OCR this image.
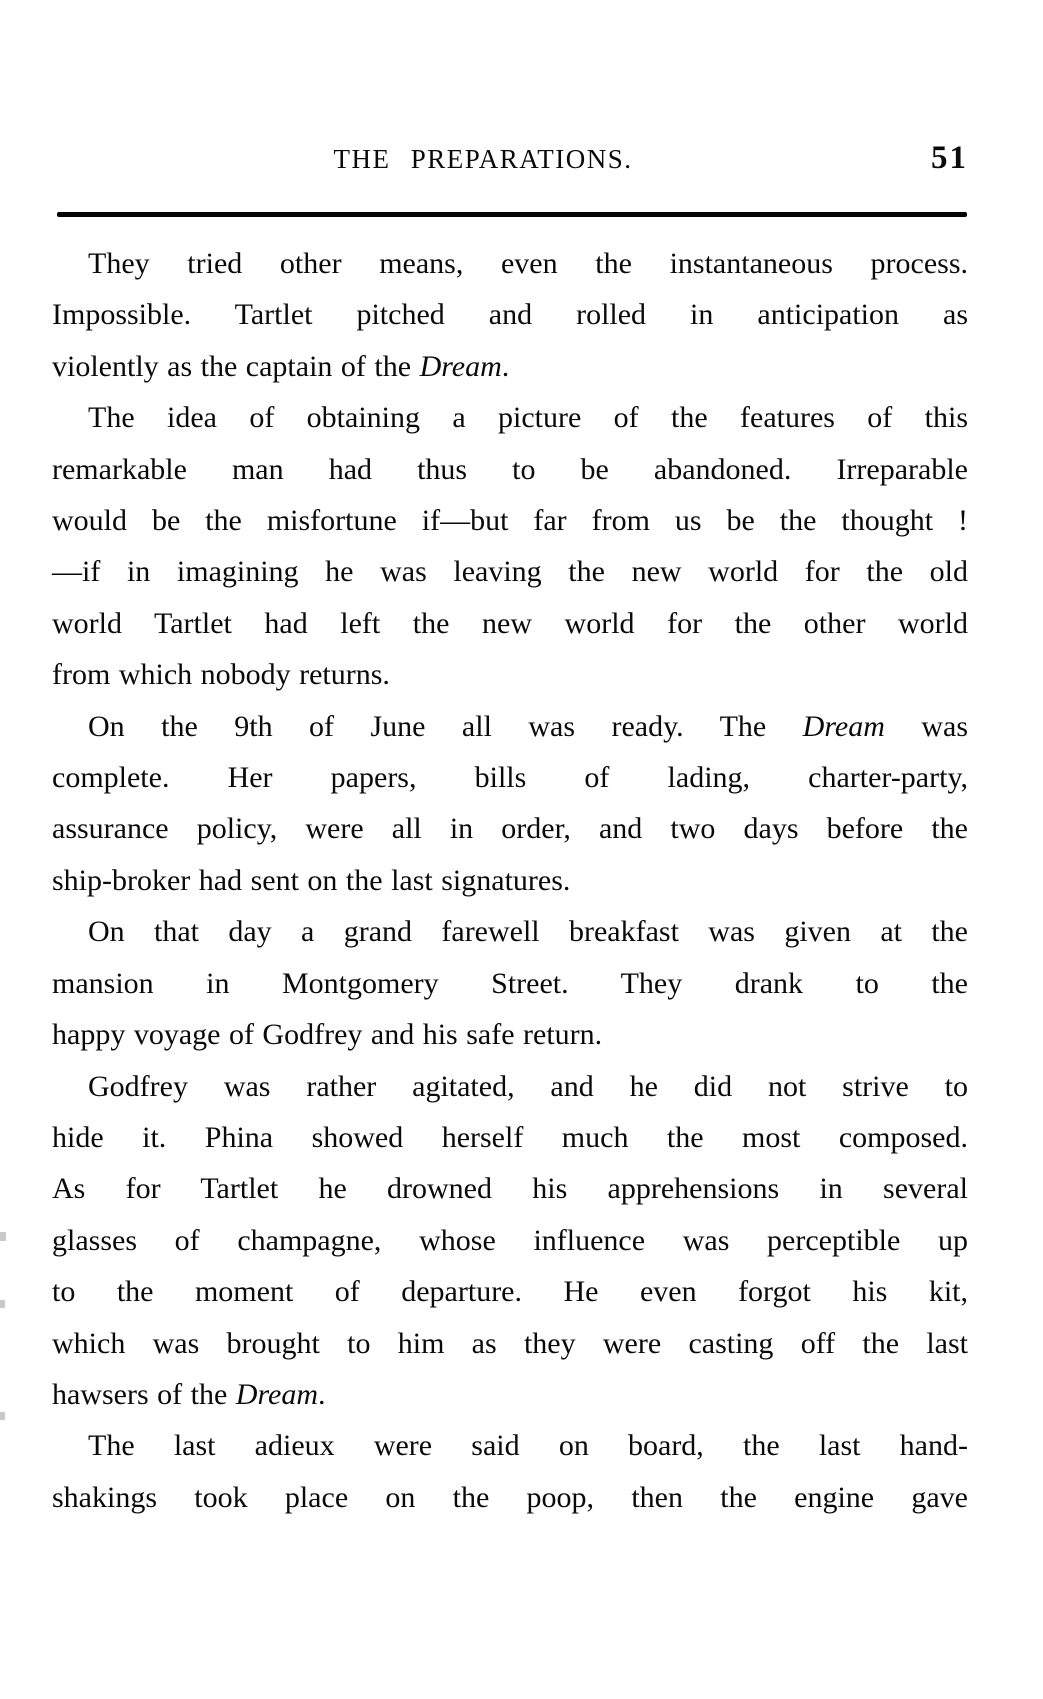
THE PREPARATIONS.	51
They tried other means, even the instantaneous process.
Impossible. Tartlet pitched and rolled in anticipation as
violently as the captain of the Dream.
The idea of obtaining a picture of the features of this
remarkable man had thus to be abandoned. Irreparable
would be the misfortune if—but far from us be the thought !
—if in imagining he was leaving the new world for the old
world Tartlet had left the new world for the other world
from which nobody returns.
On the 9th of June all was ready. The Dream was
complete. Her papers, bills of lading, charter-party,
assurance policy, were all in order, and two days before the
ship-broker had sent on the last signatures.
On that day a grand farewell breakfast was given at the
mansion in Montgomery Street. They drank to the
happy voyage of Godfrey and his safe return.
Godfrey was rather agitated, and he did not strive to
hide it. Phina showed herself much the most composed.
As for Tartlet he drowned his apprehensions in several
glasses of champagne, whose influence was perceptible up
to the moment of departure. He even forgot his kit,
which was brought to him as they were casting off the last
hawsers of the Dream.
The last adieux were said on board, the last hand-
shakings took place on the poop, then the engine gave
